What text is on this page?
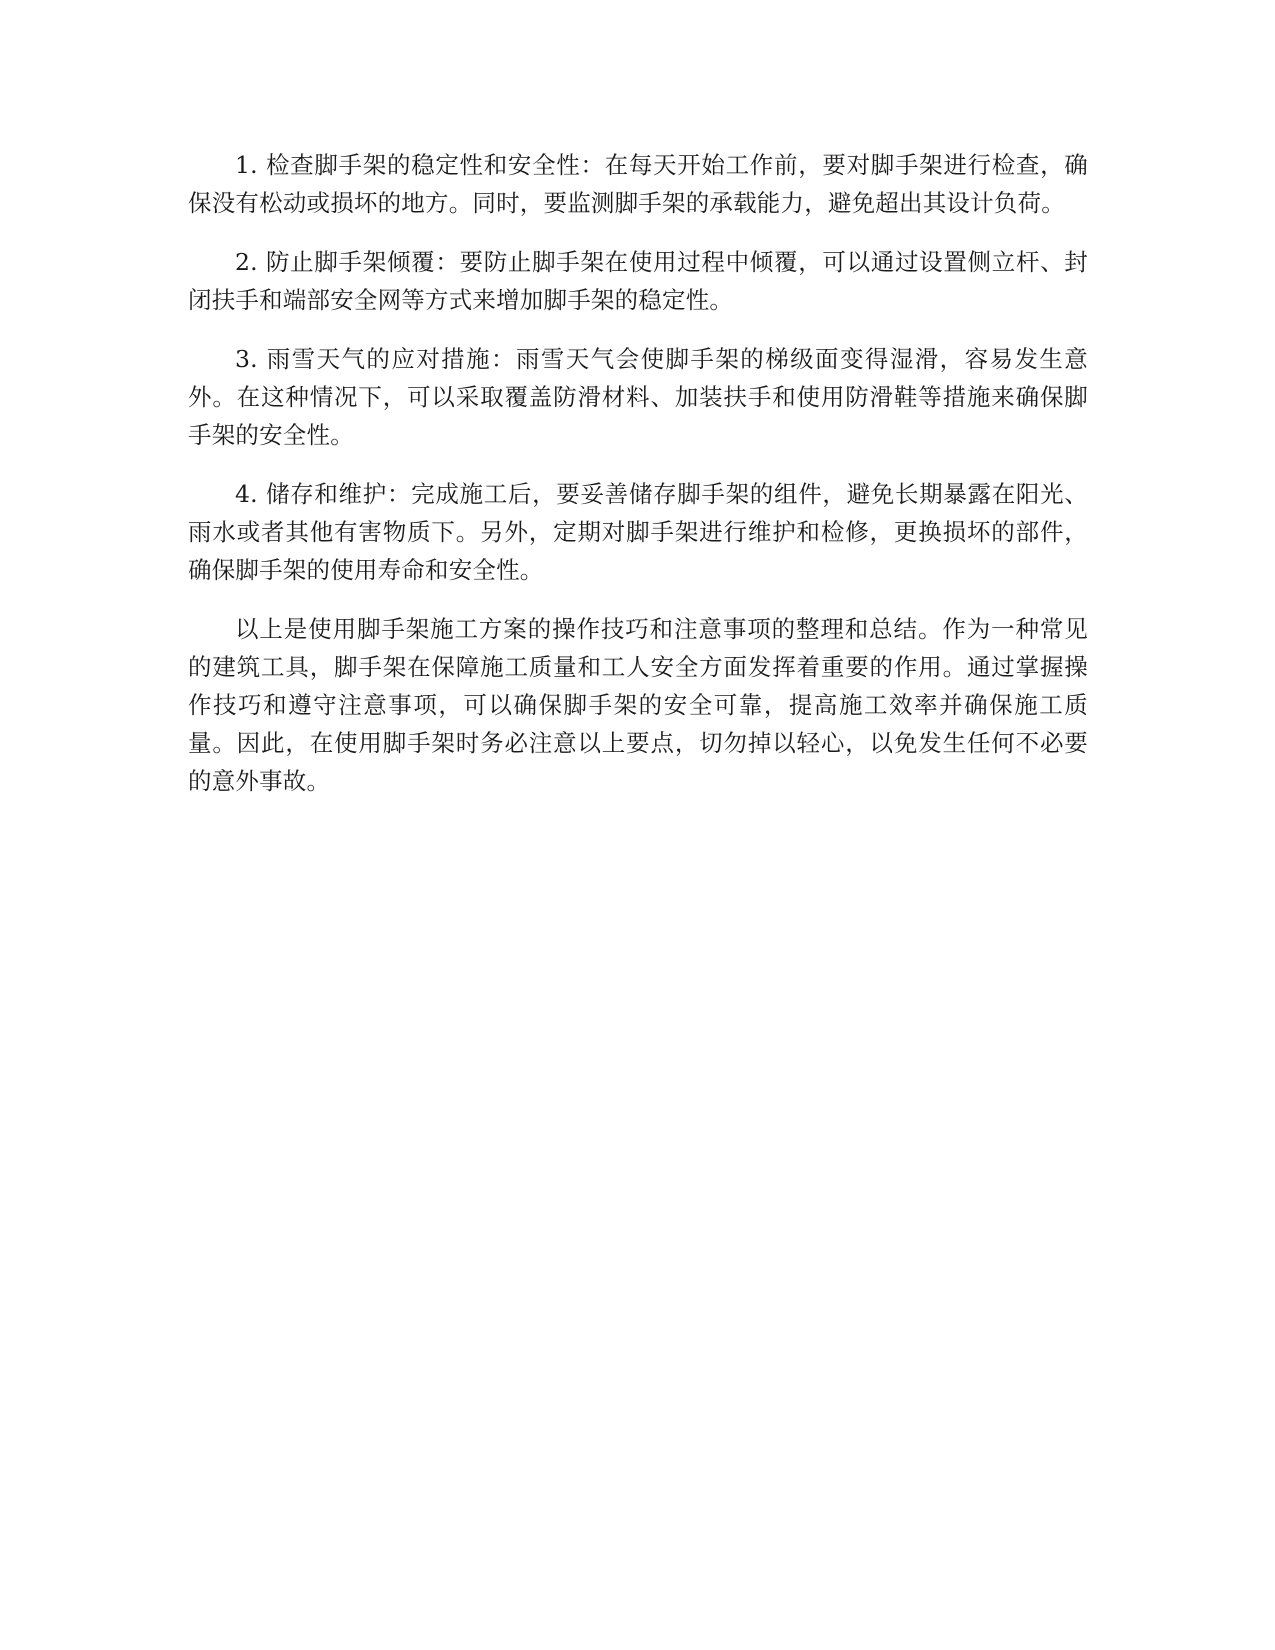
1. 检查脚手架的稳定性和安全性：在每天开始工作前，要对脚手架进行检查，确保没有松动或损坏的地方。同时，要监测脚手架的承载能力，避免超出其设计负荷。

2. 防止脚手架倾覆：要防止脚手架在使用过程中倾覆，可以通过设置侧立杆、封闭扶手和端部安全网等方式来增加脚手架的稳定性。

3. 雨雪天气的应对措施：雨雪天气会使脚手架的梯级面变得湿滑，容易发生意外。在这种情况下，可以采取覆盖防滑材料、加装扶手和使用防滑鞋等措施来确保脚手架的安全性。

4. 储存和维护：完成施工后，要妥善储存脚手架的组件，避免长期暴露在阳光、雨水或者其他有害物质下。另外，定期对脚手架进行维护和检修，更换损坏的部件，确保脚手架的使用寿命和安全性。

以上是使用脚手架施工方案的操作技巧和注意事项的整理和总结。作为一种常见的建筑工具，脚手架在保障施工质量和工人安全方面发挥着重要的作用。通过掌握操作技巧和遵守注意事项，可以确保脚手架的安全可靠，提高施工效率并确保施工质量。因此，在使用脚手架时务必注意以上要点，切勿掉以轻心，以免发生任何不必要的意外事故。
